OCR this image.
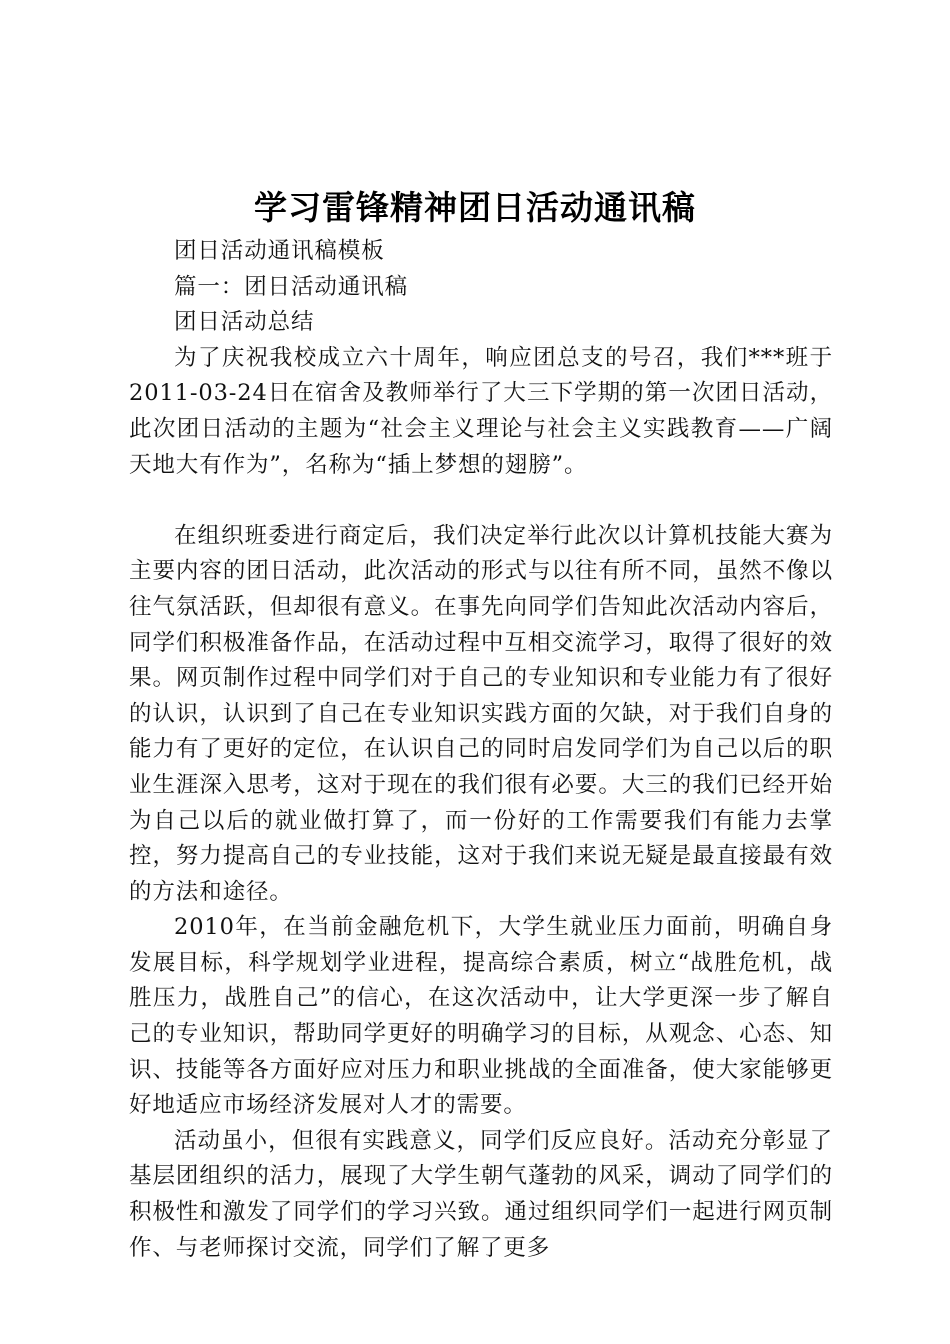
学习雷锋精神团日活动通讯稿

团日活动通讯稿模板

篇一：团日活动通讯稿

团日活动总结

为了庆祝我校成立六十周年，响应团总支的号召，我们***班于2011-03-24日在宿舍及教师举行了大三下学期的第一次团日活动，此次团日活动的主题为“社会主义理论与社会主义实践教育——广阔天地大有作为”，名称为“插上梦想的翅膀”。

在组织班委进行商定后，我们决定举行此次以计算机技能大赛为主要内容的团日活动，此次活动的形式与以往有所不同，虽然不像以往气氛活跃，但却很有意义。在事先向同学们告知此次活动内容后，同学们积极准备作品，在活动过程中互相交流学习，取得了很好的效果。网页制作过程中同学们对于自己的专业知识和专业能力有了很好的认识，认识到了自己在专业知识实践方面的欠缺，对于我们自身的能力有了更好的定位，在认识自己的同时启发同学们为自己以后的职业生涯深入思考，这对于现在的我们很有必要。大三的我们已经开始为自己以后的就业做打算了，而一份好的工作需要我们有能力去掌控，努力提高自己的专业技能，这对于我们来说无疑是最直接最有效的方法和途径。

2010年，在当前金融危机下，大学生就业压力面前，明确自身发展目标，科学规划学业进程，提高综合素质，树立“战胜危机，战胜压力，战胜自己”的信心，在这次活动中，让大学更深一步了解自己的专业知识，帮助同学更好的明确学习的目标，从观念、心态、知识、技能等各方面好应对压力和职业挑战的全面准备，使大家能够更好地适应市场经济发展对人才的需要。

活动虽小，但很有实践意义，同学们反应良好。活动充分彰显了基层团组织的活力，展现了大学生朝气蓬勃的风采，调动了同学们的积极性和激发了同学们的学习兴致。通过组织同学们一起进行网页制作、与老师探讨交流，同学们了解了更多
